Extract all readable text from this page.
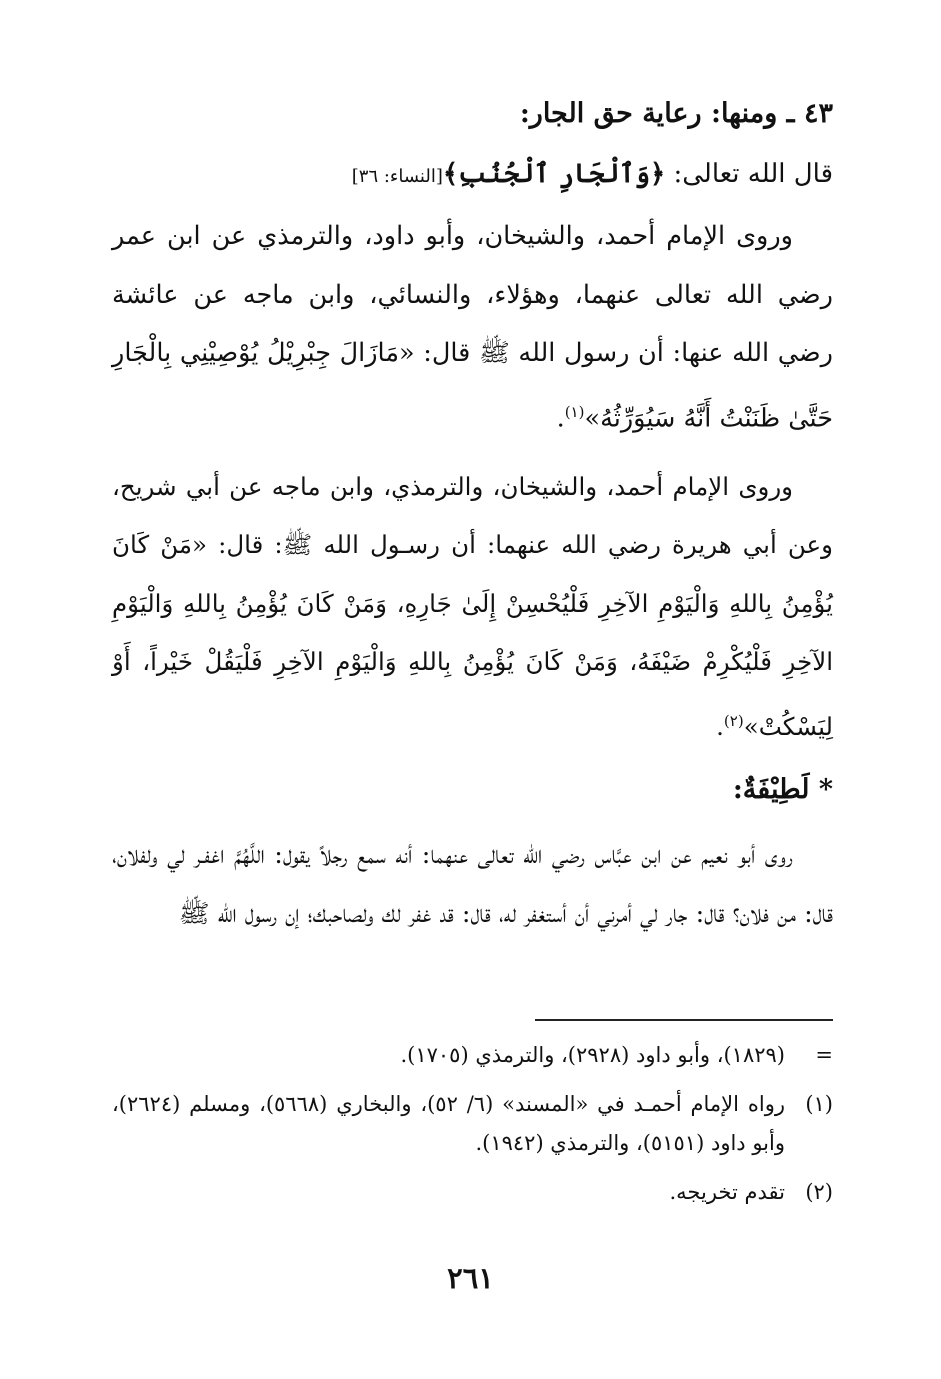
٤٣ ـ ومنها: رعاية حق الجار:

قال الله تعالى: ﴿وَٱلْجَارِ ٱلْجُنُبِ﴾[النساء: ٣٦]

وروى الإمام أحمد، والشيخان، وأبو داود، والترمذي عن ابن عمر رضي الله تعالى عنهما، وهؤلاء، والنسائي، وابن ماجه عن عائشة رضي الله عنها: أن رسول الله ﷺ قال: «مَازَالَ جِبْرِيْلُ يُوْصِيْنِي بِالْجَارِ حَتَّىٰ ظَنَنْتُ أَنَّهُ سَيُوَرِّثُهُ»$^{(١)}$.

وروى الإمام أحمد، والشيخان، والترمذي، وابن ماجه عن أبي شريح، وعن أبي هريرة رضي الله عنهما: أن رسـول الله ﷺ: قال: «مَنْ كَانَ يُؤْمِنُ بِاللهِ وَالْيَوْمِ الآخِرِ فَلْيُحْسِنْ إِلَىٰ جَارِهِ، وَمَنْ كَانَ يُؤْمِنُ بِاللهِ وَالْيَوْمِ الآخِرِ فَلْيُكْرِمْ ضَيْفَهُ، وَمَنْ كَانَ يُؤْمِنُ بِاللهِ وَالْيَوْمِ الآخِرِ فَلْيَقُلْ خَيْراً، أَوْ لِيَسْكُتْ»$^{(٢)}$.

* لَطِيْفَةٌ:

روى أبو نعيم عن ابن عبَّاس رضي الله تعالى عنهما: أنه سمع رجلاً يقول: اللَّهُمَّ اغفـر لي ولفلان، قال: من فلان؟ قال: جار لي أمرني أن أستغفر له، قال: قد غفر لك ولصاحبك؛ إن رسول الله ﷺ

=
(١٨٢٩)، وأبو داود (٢٩٢٨)، والترمذي (١٧٠٥).
(١)
رواه الإمام أحمـد في «المسند» (٦/ ٥٢)، والبخاري (٥٦٦٨)، ومسلم (٢٦٢٤)، وأبو داود (٥١٥١)، والترمذي (١٩٤٢).
(٢)
تقدم تخريجه.
٢٦١
